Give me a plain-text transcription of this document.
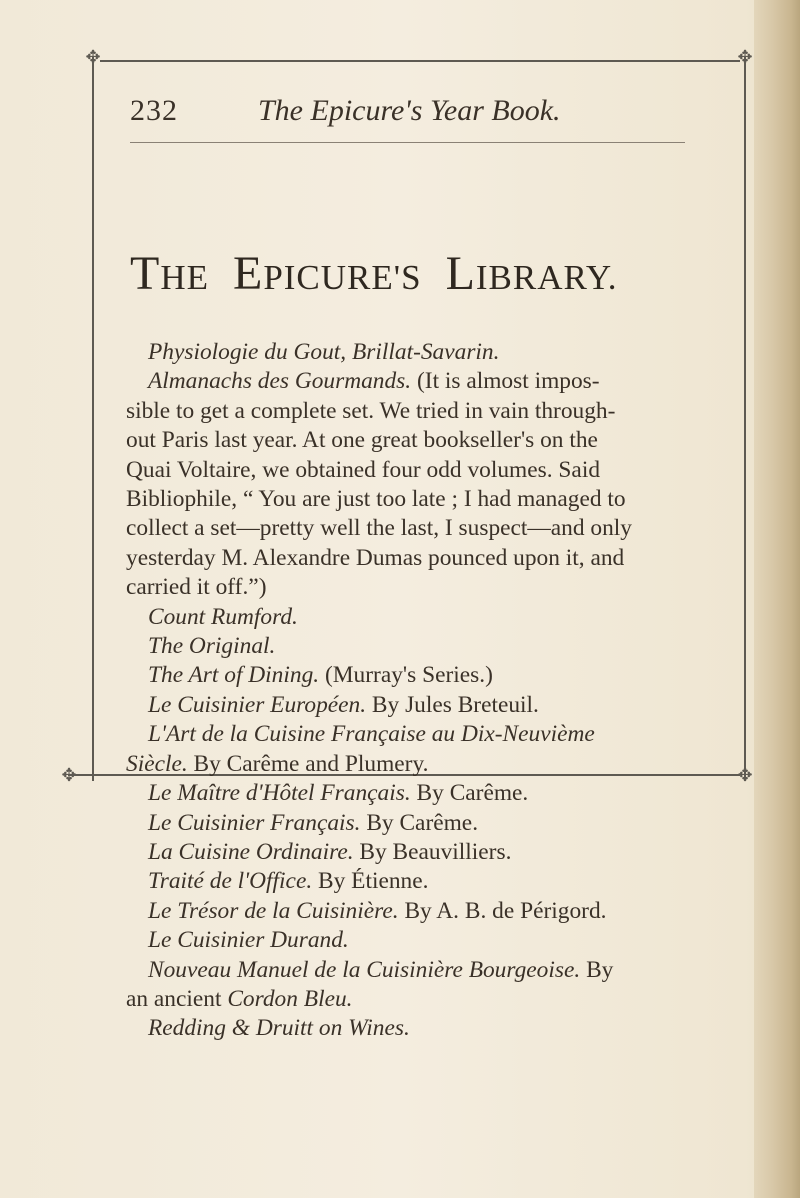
✥	✥
✥	✥
232	The Epicure's Year Book.
THE EPICURE'S LIBRARY.

Physiologie du Gout, Brillat-Savarin.

Almanachs des Gourmands. (It is almost impos-

sible to get a complete set. We tried in vain through-

out Paris last year. At one great bookseller's on the

Quai Voltaire, we obtained four odd volumes. Said

Bibliophile, “ You are just too late ; I had managed to

collect a set—pretty well the last, I suspect—and only

yesterday M. Alexandre Dumas pounced upon it, and

carried it off.”)

Count Rumford.

The Original.

The Art of Dining. (Murray's Series.)

Le Cuisinier Européen. By Jules Breteuil.

L'Art de la Cuisine Française au Dix-Neuvième

Siècle. By Carême and Plumery.

Le Maître d'Hôtel Français. By Carême.

Le Cuisinier Français. By Carême.

La Cuisine Ordinaire. By Beauvilliers.

Traité de l'Office. By Étienne.

Le Trésor de la Cuisinière. By A. B. de Périgord.

Le Cuisinier Durand.

Nouveau Manuel de la Cuisinière Bourgeoise. By

an ancient Cordon Bleu.

Redding & Druitt on Wines.
